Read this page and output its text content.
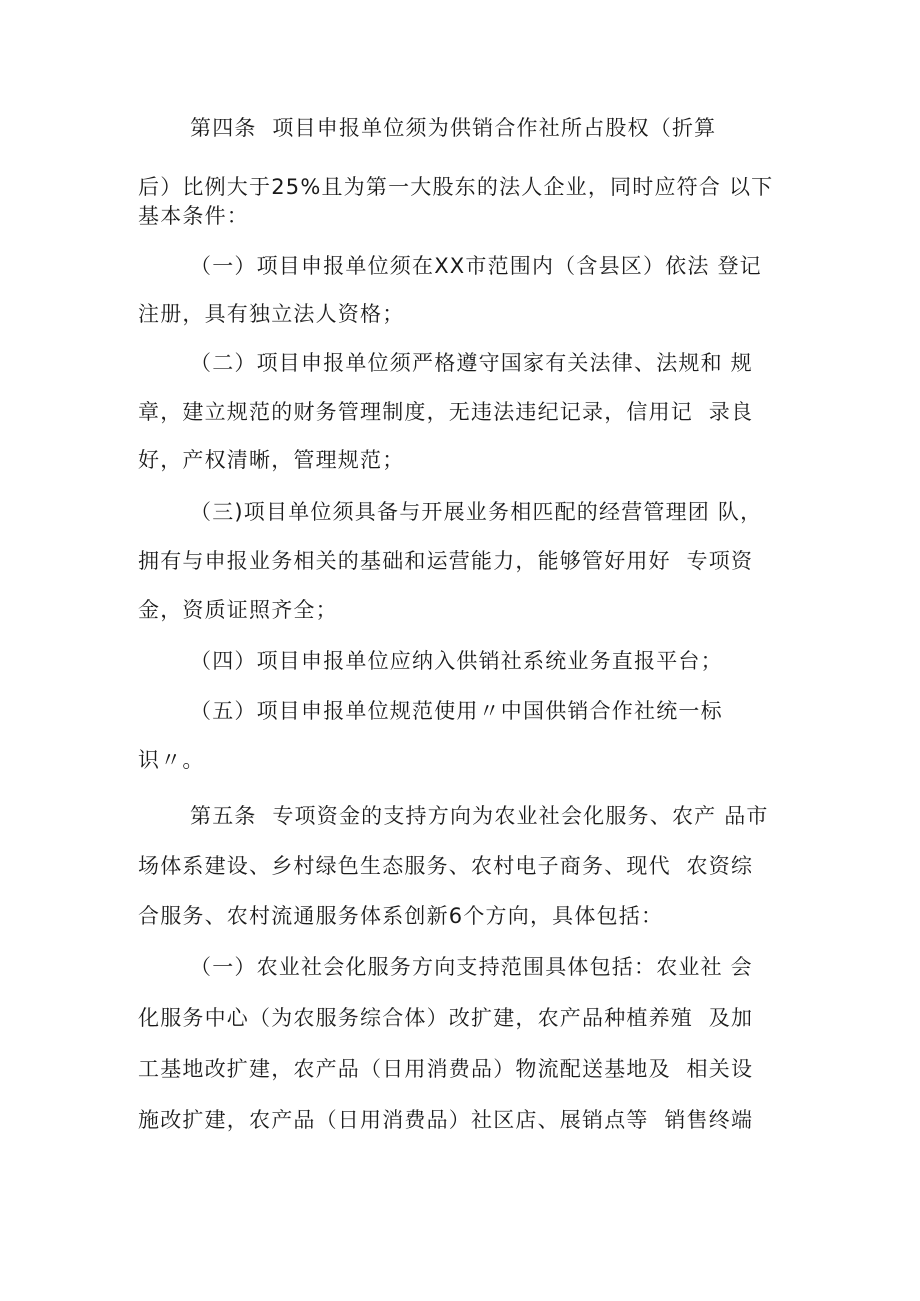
第四条  项目申报单位须为供销合作社所占股权（折算
后）比例大于25%且为第一大股东的法人企业，同时应符合 以下
基本条件：
（一）项目申报单位须在XX市范围内（含县区）依法 登记
注册，具有独立法人资格；
（二）项目申报单位须严格遵守国家有关法律、法规和 规
章，建立规范的财务管理制度，无违法违纪记录，信用记  录良
好，产权清晰，管理规范；
（三)项目单位须具备与开展业务相匹配的经营管理团 队，
拥有与申报业务相关的基础和运营能力，能够管好用好  专项资
金，资质证照齐全；
（四）项目申报单位应纳入供销社系统业务直报平台；
（五）项目申报单位规范使用〃中国供销合作社统一标
识〃。
第五条  专项资金的支持方向为农业社会化服务、农产 品市
场体系建设、乡村绿色生态服务、农村电子商务、现代  农资综
合服务、农村流通服务体系创新6个方向，具体包括：
（一）农业社会化服务方向支持范围具体包括：农业社 会
化服务中心（为农服务综合体）改扩建，农产品种植养殖  及加
工基地改扩建，农产品（日用消费品）物流配送基地及  相关设
施改扩建，农产品（日用消费品）社区店、展销点等  销售终端
